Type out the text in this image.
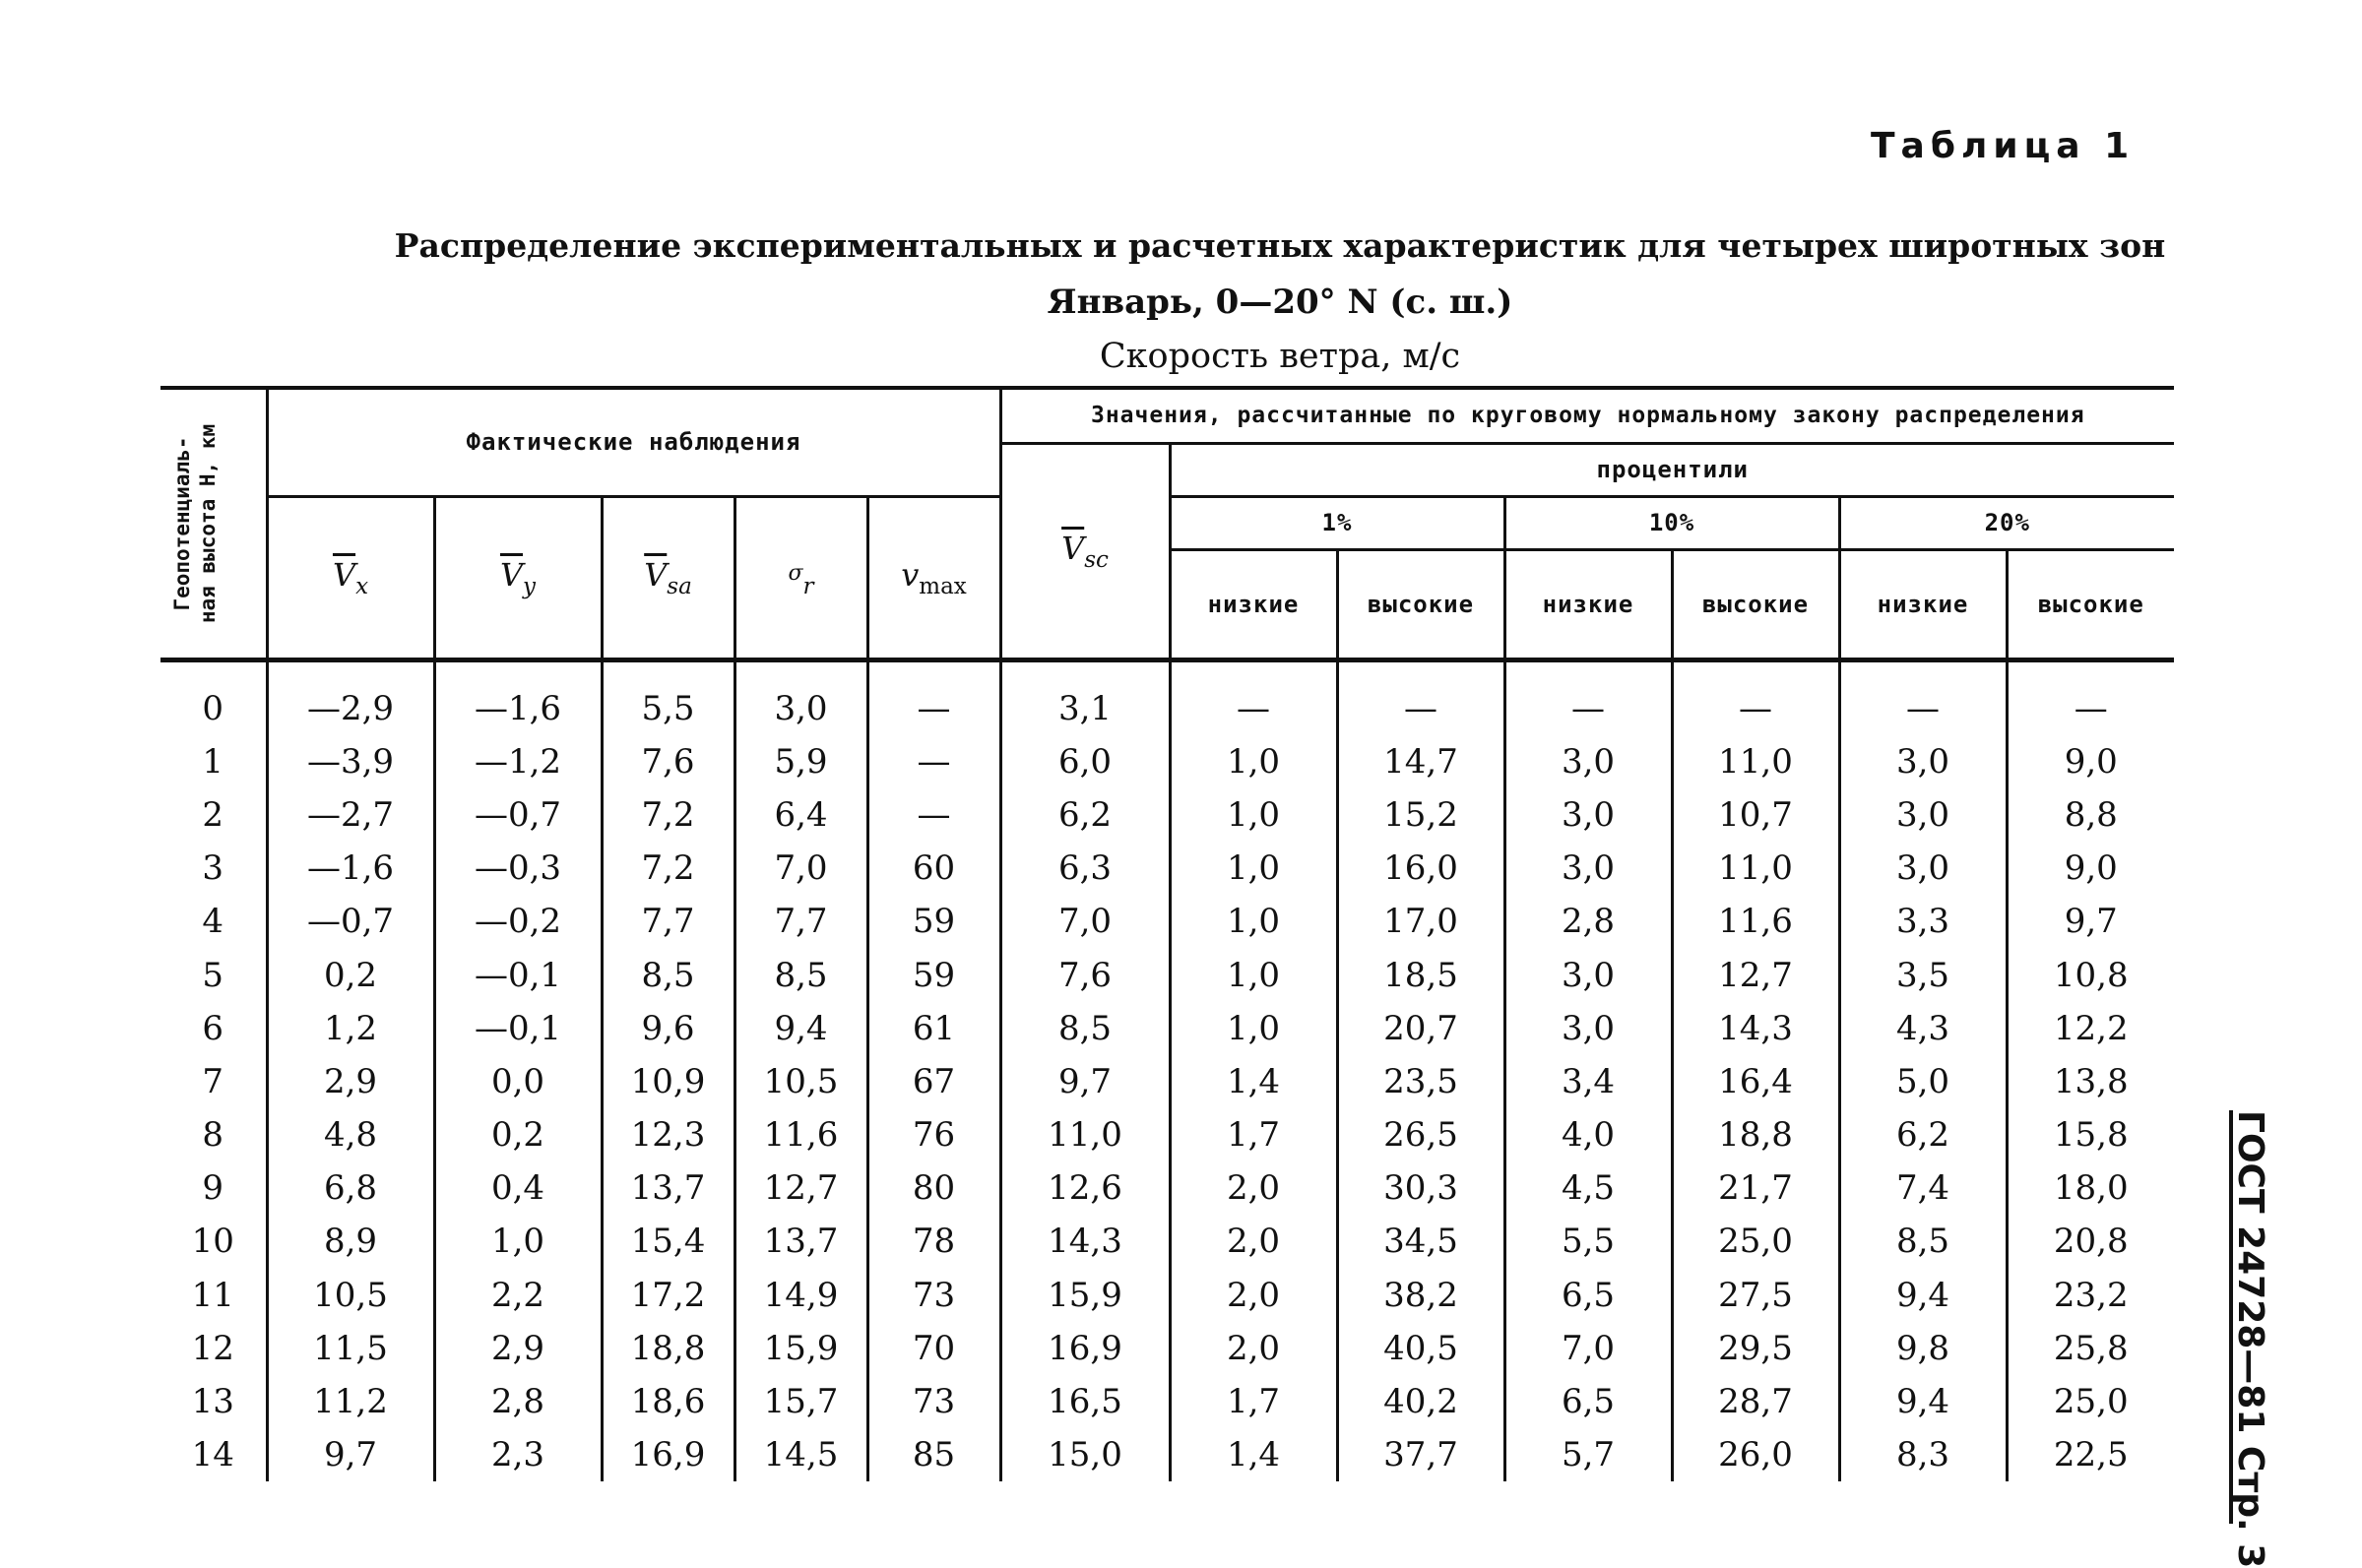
Таблица 1
Распределение экспериментальных и расчетных характеристик для четырех широтных зон
Январь, 0—20° N (с. ш.)
Скорость ветра, м/с
Геопотенциаль-
ная высота H, км	Фактические наблюдения					Значения, рассчитанные по круговому нормальному закону распределения						
						$\overline{V}_{sc}$	процентили					
	$\overline{V}_x$	$\overline{V}_y$	$\overline{V}_{sa}$	$\sigma_r$	$v_{max}$		1%		10%		20%	
							низкие	высокие	низкие	высокие	низкие	высокие
0	—2,9	—1,6	5,5	3,0	—	3,1	—	—	—	—	—	—
1	—3,9	—1,2	7,6	5,9	—	6,0	1,0	14,7	3,0	11,0	3,0	9,0
2	—2,7	—0,7	7,2	6,4	—	6,2	1,0	15,2	3,0	10,7	3,0	8,8
3	—1,6	—0,3	7,2	7,0	60	6,3	1,0	16,0	3,0	11,0	3,0	9,0
4	—0,7	—0,2	7,7	7,7	59	7,0	1,0	17,0	2,8	11,6	3,3	9,7
5	0,2	—0,1	8,5	8,5	59	7,6	1,0	18,5	3,0	12,7	3,5	10,8
6	1,2	—0,1	9,6	9,4	61	8,5	1,0	20,7	3,0	14,3	4,3	12,2
7	2,9	0,0	10,9	10,5	67	9,7	1,4	23,5	3,4	16,4	5,0	13,8
8	4,8	0,2	12,3	11,6	76	11,0	1,7	26,5	4,0	18,8	6,2	15,8
9	6,8	0,4	13,7	12,7	80	12,6	2,0	30,3	4,5	21,7	7,4	18,0
10	8,9	1,0	15,4	13,7	78	14,3	2,0	34,5	5,5	25,0	8,5	20,8
11	10,5	2,2	17,2	14,9	73	15,9	2,0	38,2	6,5	27,5	9,4	23,2
12	11,5	2,9	18,8	15,9	70	16,9	2,0	40,5	7,0	29,5	9,8	25,8
13	11,2	2,8	18,6	15,7	73	16,5	1,7	40,2	6,5	28,7	9,4	25,0
14	9,7	2,3	16,9	14,5	85	15,0	1,4	37,7	5,7	26,0	8,3	22,5	ГОСТ 24728—81 Стр. 3
